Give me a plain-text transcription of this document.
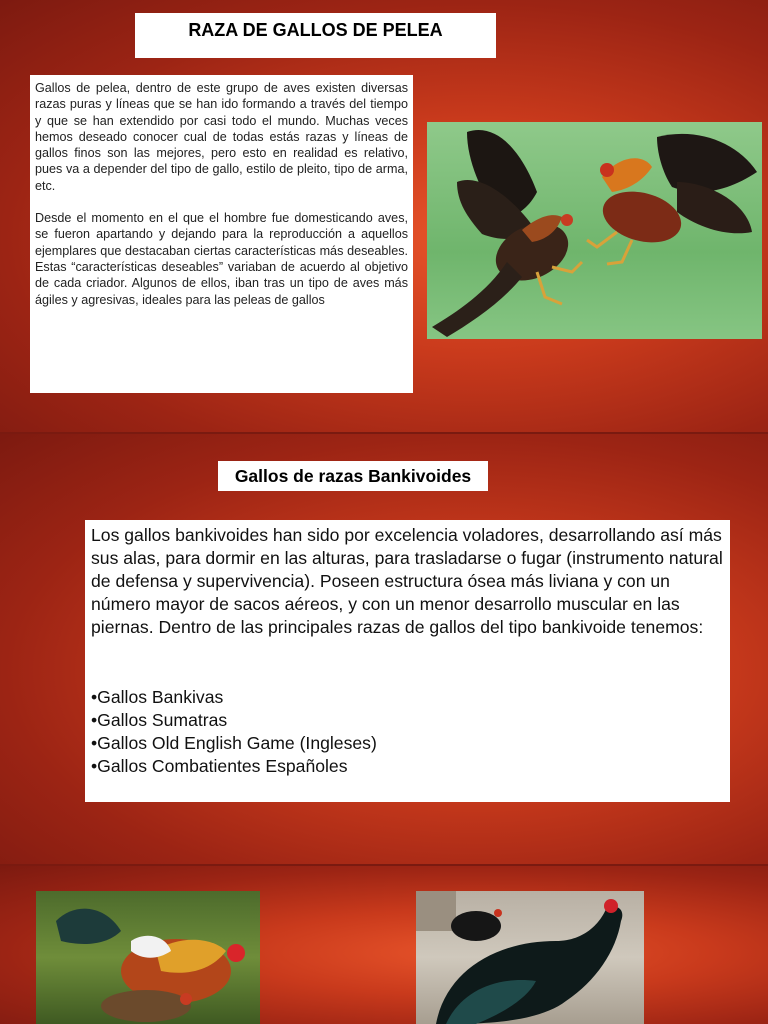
RAZA DE GALLOS DE PELEA

Gallos de pelea, dentro de este grupo de aves existen diversas razas puras y líneas que se han ido formando a través del tiempo y que se han extendido por casi todo el mundo. Muchas veces hemos deseado conocer cual de todas estás razas y líneas de gallos finos son las mejores, pero esto en realidad es relativo, pues va a depender del tipo de gallo, estilo de pleito, tipo de arma, etc.

Desde el momento en el que el hombre fue domesticando aves, se fueron apartando y dejando para la reproducción a aquellos ejemplares que destacaban ciertas características más deseables. Estas “características deseables” variaban de acuerdo al objetivo de cada criador. Algunos de ellos, iban tras un tipo de aves más ágiles y agresivas, ideales para las peleas de gallos

Gallos de razas Bankivoides

Los gallos bankivoides han sido por excelencia voladores, desarrollando así más sus alas, para dormir en las alturas, para trasladarse o fugar (instrumento natural de defensa y supervivencia). Poseen estructura ósea más liviana y con un número mayor de sacos aéreos, y con un menor desarrollo muscular en las piernas. Dentro de las principales razas de gallos del tipo bankivoide tenemos:

•Gallos Bankivas
•Gallos Sumatras
•Gallos Old English Game (Ingleses)
•Gallos Combatientes Españoles
